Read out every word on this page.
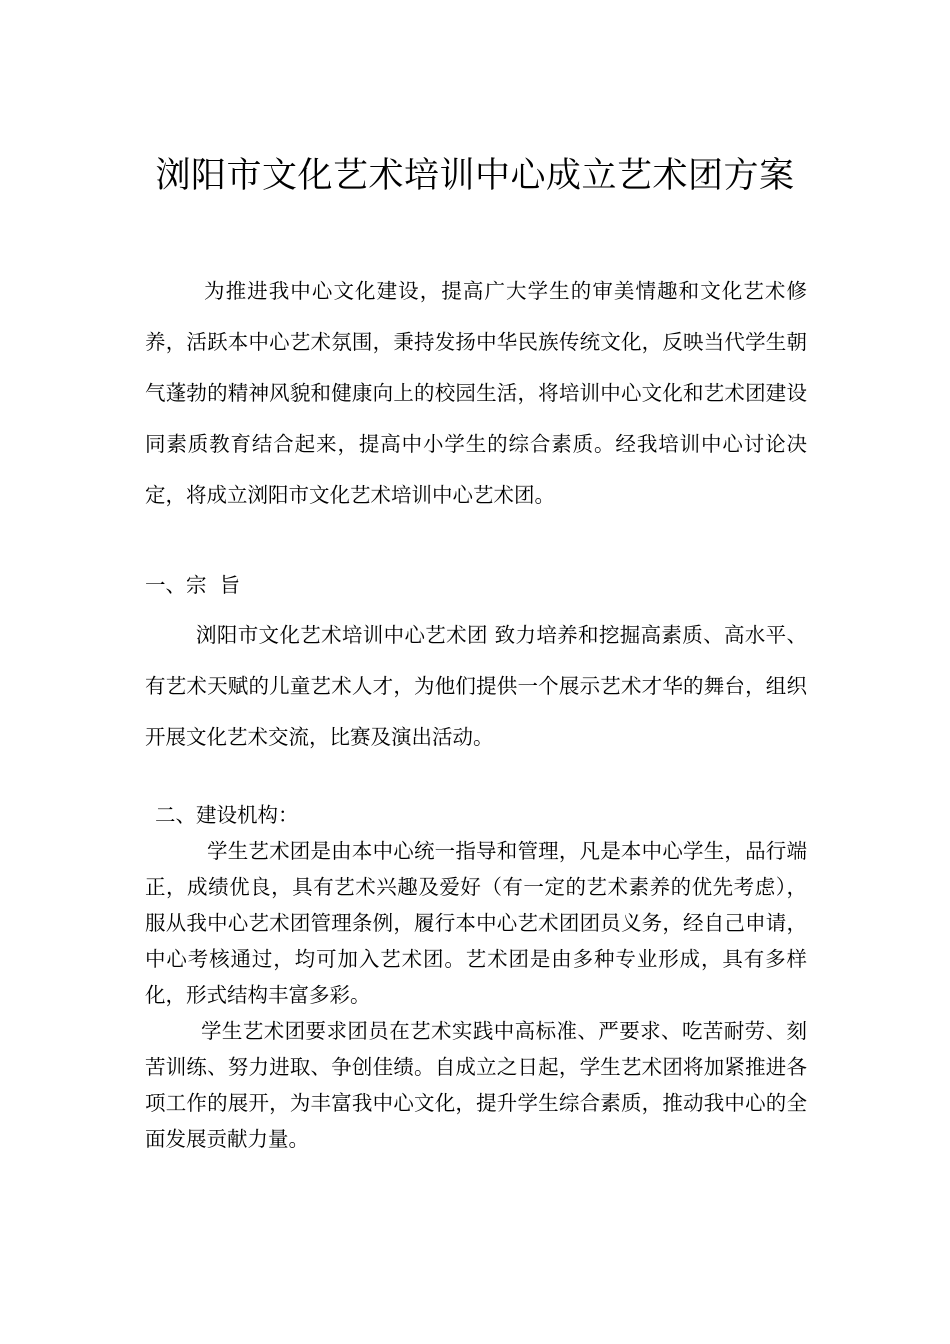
浏阳市文化艺术培训中心成立艺术团方案

为推进我中心文化建设，提高广大学生的审美情趣和文化艺术修养，活跃本中心艺术氛围，秉持发扬中华民族传统文化，反映当代学生朝气蓬勃的精神风貌和健康向上的校园生活，将培训中心文化和艺术团建设同素质教育结合起来，提高中小学生的综合素质。经我培训中心讨论决定，将成立浏阳市文化艺术培训中心艺术团。

一、宗  旨

浏阳市文化艺术培训中心艺术团 致力培养和挖掘高素质、高水平、有艺术天赋的儿童艺术人才，为他们提供一个展示艺术才华的舞台，组织开展文化艺术交流，比赛及演出活动。

二、建设机构：

学生艺术团是由本中心统一指导和管理，凡是本中心学生，品行端正，成绩优良，具有艺术兴趣及爱好（有一定的艺术素养的优先考虑），服从我中心艺术团管理条例，履行本中心艺术团团员义务，经自己申请，中心考核通过，均可加入艺术团。艺术团是由多种专业形成，具有多样化，形式结构丰富多彩。

学生艺术团要求团员在艺术实践中高标准、严要求、吃苦耐劳、刻苦训练、努力进取、争创佳绩。自成立之日起，学生艺术团将加紧推进各项工作的展开，为丰富我中心文化，提升学生综合素质，推动我中心的全面发展贡献力量。
